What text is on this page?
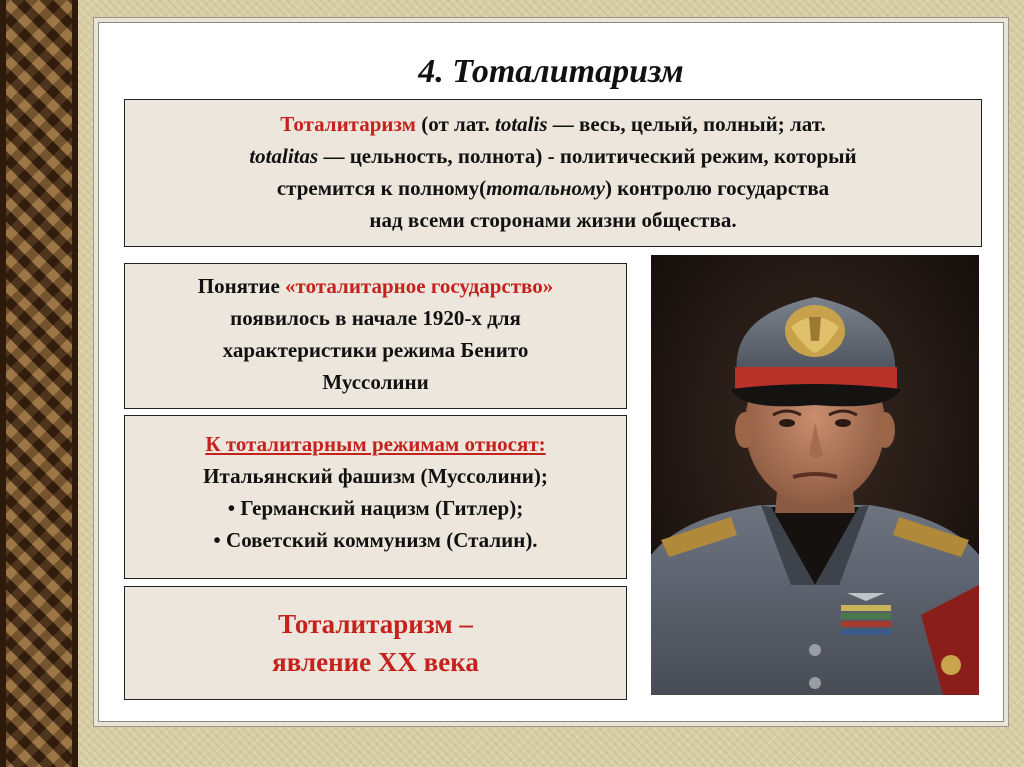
4. Тоталитаризм
Тоталитаризм (от лат. totalis — весь, целый, полный; лат.
totalitas — цельность, полнота) - политический режим, который
стремится к полному(тотальному) контролю государства
над всеми сторонами жизни общества.
Понятие «тоталитарное государство»
появилось в начале 1920-х для
характеристики режима Бенито
Муссолини
К тоталитарным режимам относят:
Итальянский фашизм (Муссолини);
• Германский нацизм (Гитлер);
• Советский коммунизм (Сталин).
Тоталитаризм –
явление XX века
